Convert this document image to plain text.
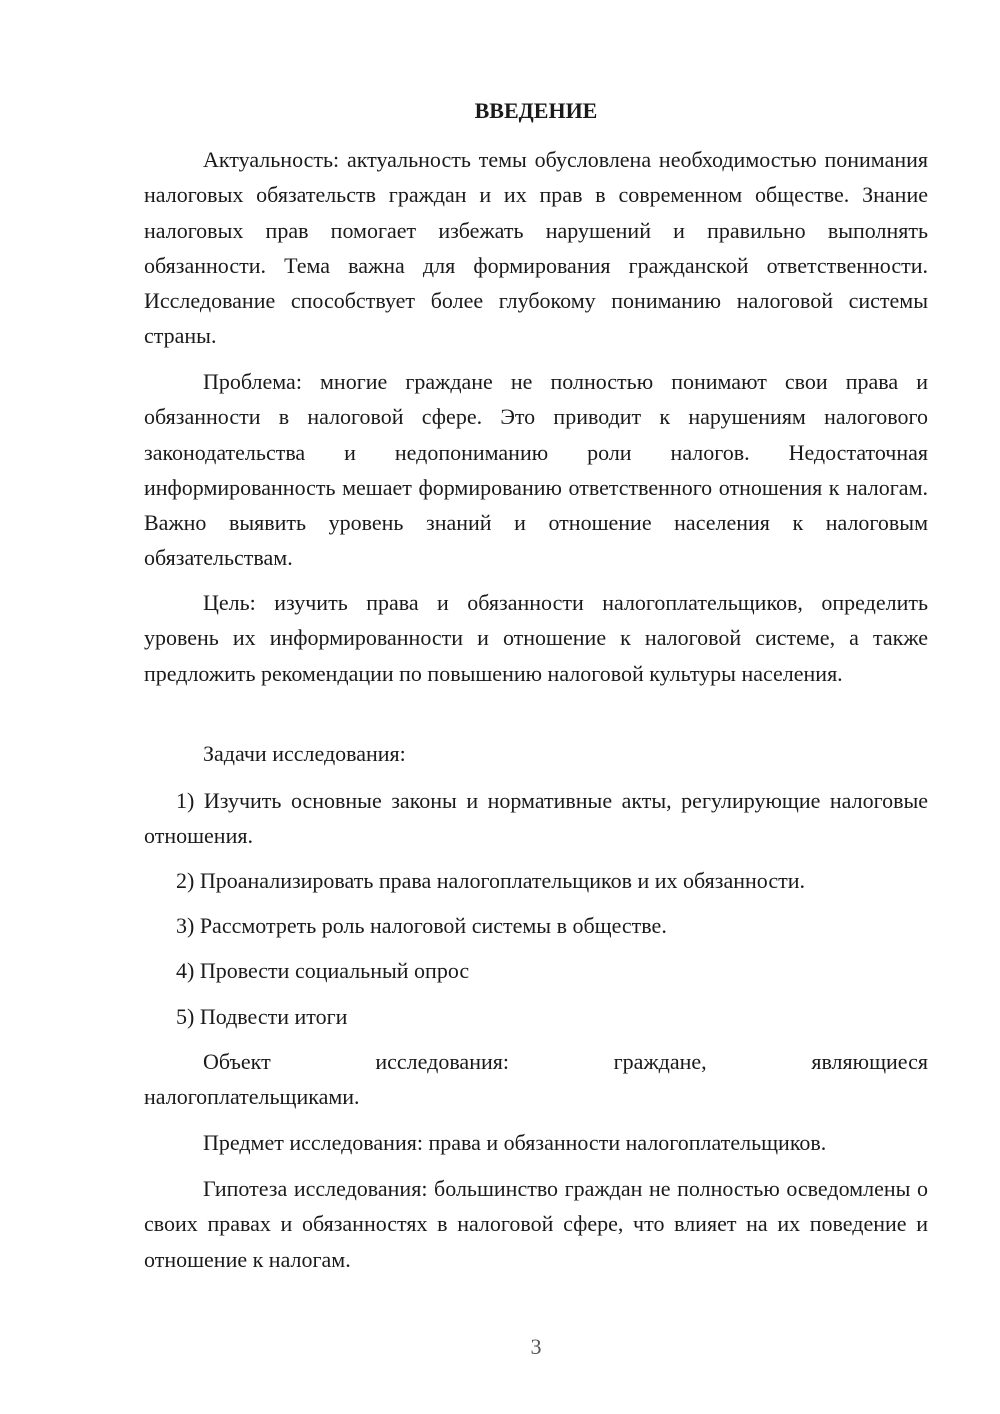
ВВЕДЕНИЕ

Актуальность: актуальность темы обусловлена необходимостью понимания налоговых обязательств граждан и их прав в современном обществе. Знание налоговых прав помогает избежать нарушений и правильно выполнять обязанности. Тема важна для формирования гражданской ответственности. Исследование способствует более глубокому пониманию налоговой системы страны.

Проблема: многие граждане не полностью понимают свои права и обязанности в налоговой сфере. Это приводит к нарушениям налогового законодательства и недопониманию роли налогов. Недостаточная информированность мешает формированию ответственного отношения к налогам. Важно выявить уровень знаний и отношение населения к налоговым обязательствам.

Цель: изучить права и обязанности налогоплательщиков, определить уровень их информированности и отношение к налоговой системе, а также предложить рекомендации по повышению налоговой культуры населения.

Задачи исследования:

1) Изучить основные законы и нормативные акты, регулирующие налоговые отношения.

2) Проанализировать права налогоплательщиков и их обязанности.

3) Рассмотреть роль налоговой системы в обществе.

4) Провести социальный опрос

5) Подвести итоги

Объект исследования: граждане, являющиеся налогоплательщиками.

Предмет исследования: права и обязанности налогоплательщиков.

Гипотеза исследования: большинство граждан не полностью осведомлены о своих правах и обязанностях в налоговой сфере, что влияет на их поведение и отношение к налогам.

3
